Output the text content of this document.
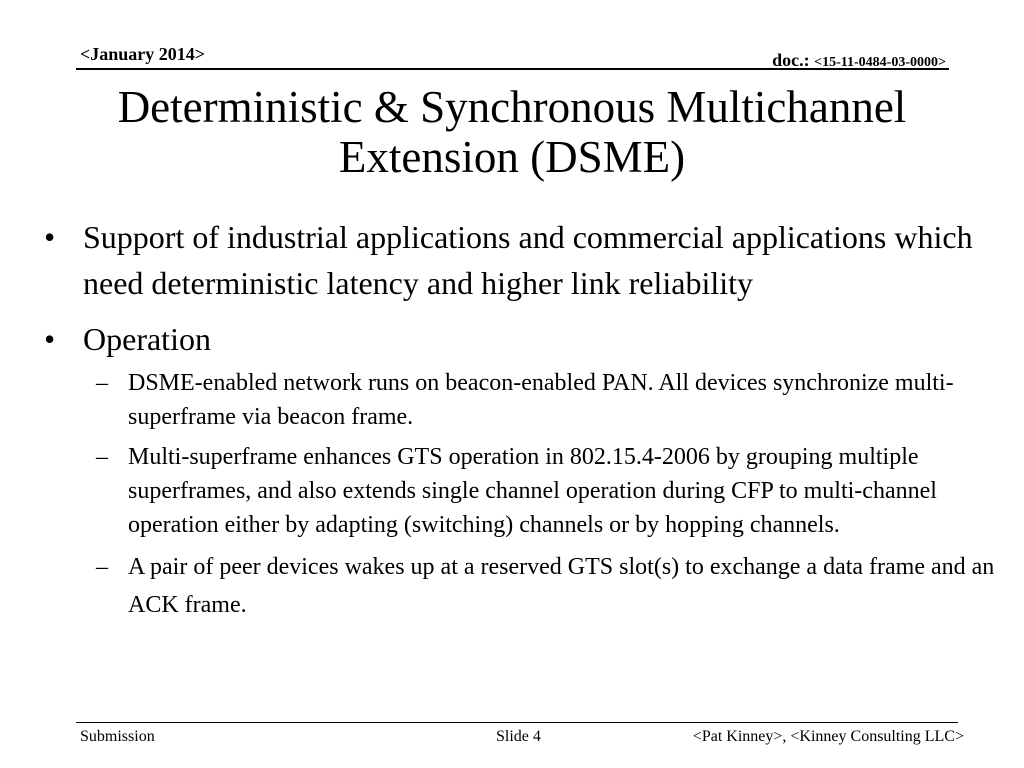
<January 2014>	doc.: <15-11-0484-03-0000>
Deterministic & Synchronous Multichannel
Extension (DSME)
• Support of industrial applications and commercial applications which need deterministic latency and higher link reliability
• Operation
– DSME-enabled network runs on beacon-enabled PAN. All devices synchronize multi-superframe via beacon frame.
– Multi-superframe enhances GTS operation in 802.15.4-2006 by grouping multiple superframes, and also extends single channel operation during CFP to multi-channel operation either by adapting (switching) channels or by hopping channels.
– A pair of peer devices wakes up at a reserved GTS slot(s) to exchange a data frame and an ACK frame.
Submission	Slide 4	<Pat Kinney>, <Kinney Consulting LLC>
